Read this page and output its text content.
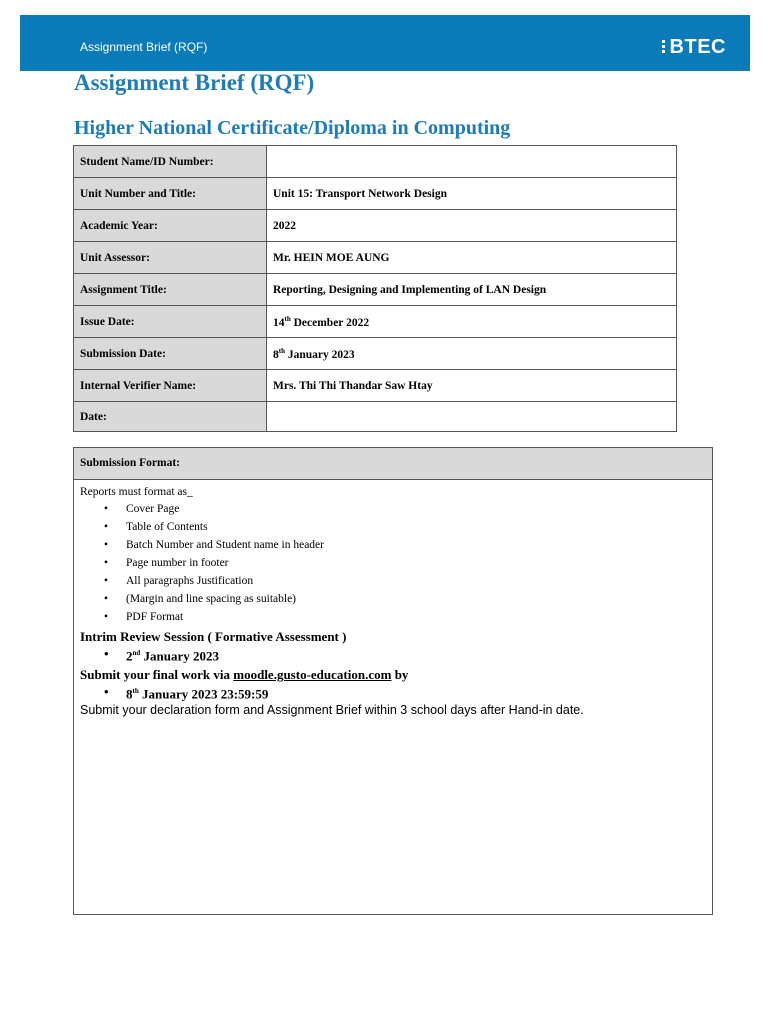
Assignment Brief (RQF)	BTEC
Assignment Brief (RQF)
Higher National Certificate/Diploma in Computing
Student Name/ID Number:	
Unit Number and Title:	Unit 15: Transport Network Design
Academic Year:	2022
Unit Assessor:	Mr. HEIN MOE AUNG
Assignment Title:	Reporting, Designing and Implementing of LAN Design
Issue Date:	14th December 2022
Submission Date:	8th January 2023
Internal Verifier Name:	Mrs. Thi Thi Thandar Saw Htay
Date:	
Submission Format:

Reports must format as_

• Cover Page
• Table of Contents
• Batch Number and Student name in header
• Page number in footer
• All paragraphs Justification
• (Margin and line spacing as suitable)
• PDF Format
Intrim Review Session ( Formative Assessment )
• 2nd January 2023
Submit your final work via moodle.gusto-education.com by
• 8th January 2023 23:59:59

Submit your declaration form and Assignment Brief within 3 school days after Hand-in date.
